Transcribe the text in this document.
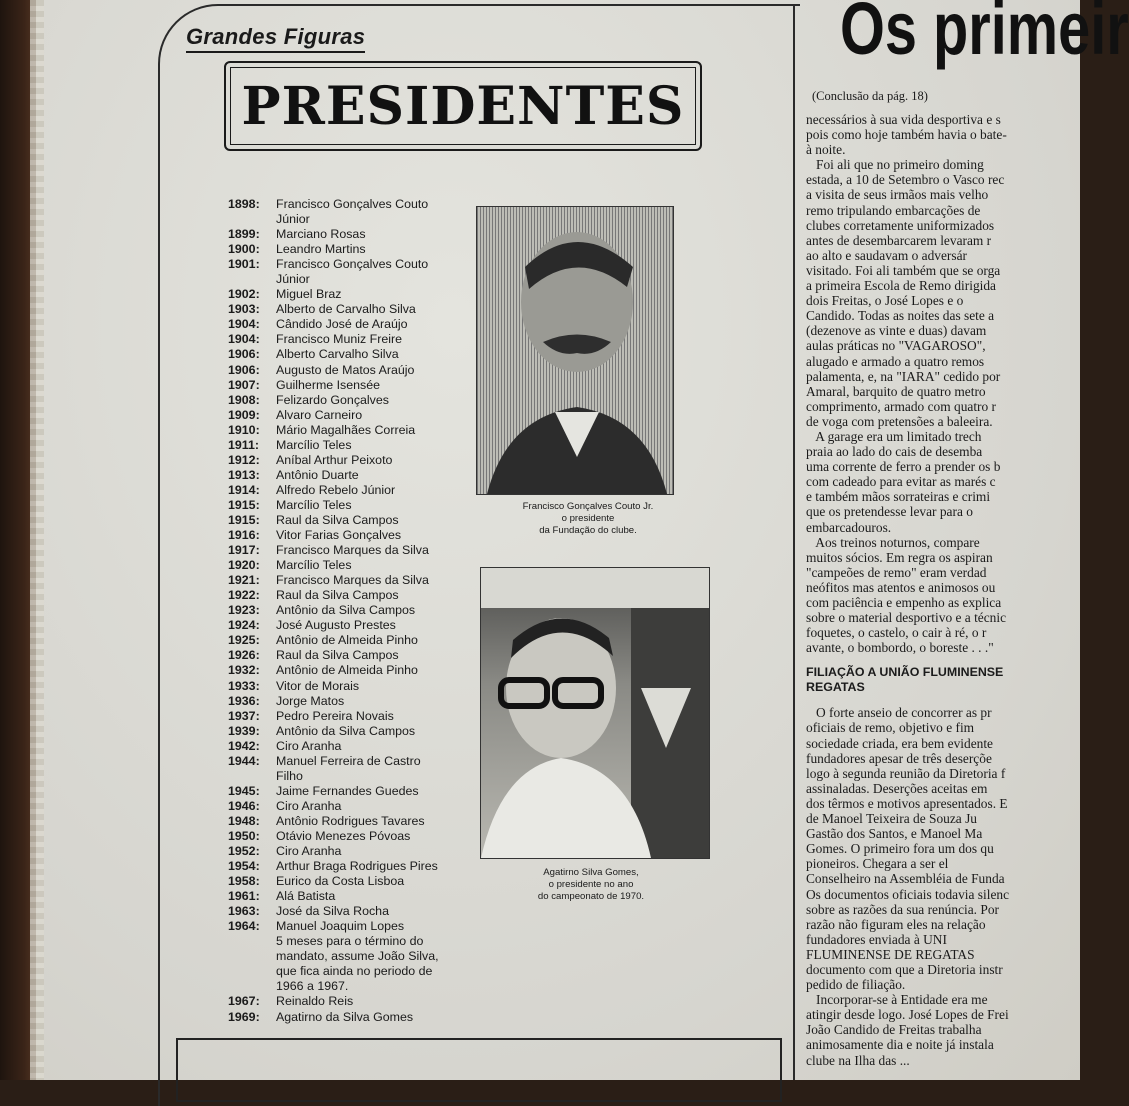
Grandes Figuras
PRESIDENTES
1898:	Francisco Gonçalves Couto
Júnior
1899:	Marciano Rosas
1900:	Leandro Martins
1901:	Francisco Gonçalves Couto
Júnior
1902:	Miguel Braz
1903:	Alberto de Carvalho Silva
1904:	Cândido José de Araújo
1904:	Francisco Muniz Freire
1906:	Alberto Carvalho Silva
1906:	Augusto de Matos Araújo
1907:	Guilherme Isensée
1908:	Felizardo Gonçalves
1909:	Alvaro Carneiro
1910:	Mário Magalhães Correia
1911:	Marcílio Teles
1912:	Aníbal Arthur Peixoto
1913:	Antônio Duarte
1914:	Alfredo Rebelo Júnior
1915:	Marcílio Teles
1915:	Raul da Silva Campos
1916:	Vitor Farias Gonçalves
1917:	Francisco Marques da Silva
1920:	Marcílio Teles
1921:	Francisco Marques da Silva
1922:	Raul da Silva Campos
1923:	Antônio da Silva Campos
1924:	José Augusto Prestes
1925:	Antônio de Almeida Pinho
1926:	Raul da Silva Campos
1932:	Antônio de Almeida Pinho
1933:	Vitor de Morais
1936:	Jorge Matos
1937:	Pedro Pereira Novais
1939:	Antônio da Silva Campos
1942:	Ciro Aranha
1944:	Manuel Ferreira de Castro
Filho
1945:	Jaime Fernandes Guedes
1946:	Ciro Aranha
1948:	Antônio Rodrigues Tavares
1950:	Otávio Menezes Póvoas
1952:	Ciro Aranha
1954:	Arthur Braga Rodrigues Pires
1958:	Eurico da Costa Lisboa
1961:	Alá Batista
1963:	José da Silva Rocha
1964:	Manuel Joaquim Lopes
5 meses para o término do
mandato, assume João Silva,
que fica ainda no periodo de
1966 a 1967.
1967:	Reinaldo Reis
1969:	Agatirno da Silva Gomes
Francisco Gonçalves Couto Jr.
o presidente
da Fundação do clube.
Agatirno Silva Gomes,
o presidente no ano
do campeonato de 1970.
Os primeir
(Conclusão da pág. 18)

necessários à sua vida desportiva e s

pois como hoje também havia o bate-

à noite.

Foi ali que no primeiro doming

estada, a 10 de Setembro o Vasco rec

a visita de seus irmãos mais velho

remo tripulando embarcações de

clubes corretamente uniformizados

antes de desembarcarem levaram r

ao alto e saudavam o adversár

visitado. Foi ali também que se orga

a primeira Escola de Remo dirigida

dois Freitas, o José Lopes e o

Candido. Todas as noites das sete a

(dezenove as vinte e duas) davam

aulas práticas no "VAGAROSO",

alugado e armado a quatro remos

palamenta, e, na "IARA" cedido por

Amaral, barquito de quatro metro

comprimento, armado com quatro r

de voga com pretensões a baleeira.

A garage era um limitado trech

praia ao lado do cais de desemba

uma corrente de ferro a prender os b

com cadeado para evitar as marés c

e também mãos sorrateiras e crimi

que os pretendesse levar para o

embarcadouros.

Aos treinos noturnos, compare

muitos sócios. Em regra os aspiran

"campeões de remo" eram verdad

neófitos mas atentos e animosos ou

com paciência e empenho as explica

sobre o material desportivo e a técnic

foquetes, o castelo, o cair à ré, o r

avante, o bombordo, o boreste . . ."

FILIAÇÃO A UNIÃO FLUMINENSE
REGATAS

O forte anseio de concorrer as pr

oficiais de remo, objetivo e fim

sociedade criada, era bem evidente

fundadores apesar de três deserçõe

logo à segunda reunião da Diretoria f

assinaladas. Deserções aceitas em

dos têrmos e motivos apresentados. E

de Manoel Teixeira de Souza Ju

Gastão dos Santos, e Manoel Ma

Gomes. O primeiro fora um dos qu

pioneiros. Chegara a ser el

Conselheiro na Assembléia de Funda

Os documentos oficiais todavia silenc

sobre as razões da sua renúncia. Por

razão não figuram eles na relação

fundadores enviada à UNI

FLUMINENSE DE REGATAS

documento com que a Diretoria instr

pedido de filiação.

Incorporar-se à Entidade era me

atingir desde logo. José Lopes de Frei

João Candido de Freitas trabalha

animosamente dia e noite já instala

clube na Ilha das ...
